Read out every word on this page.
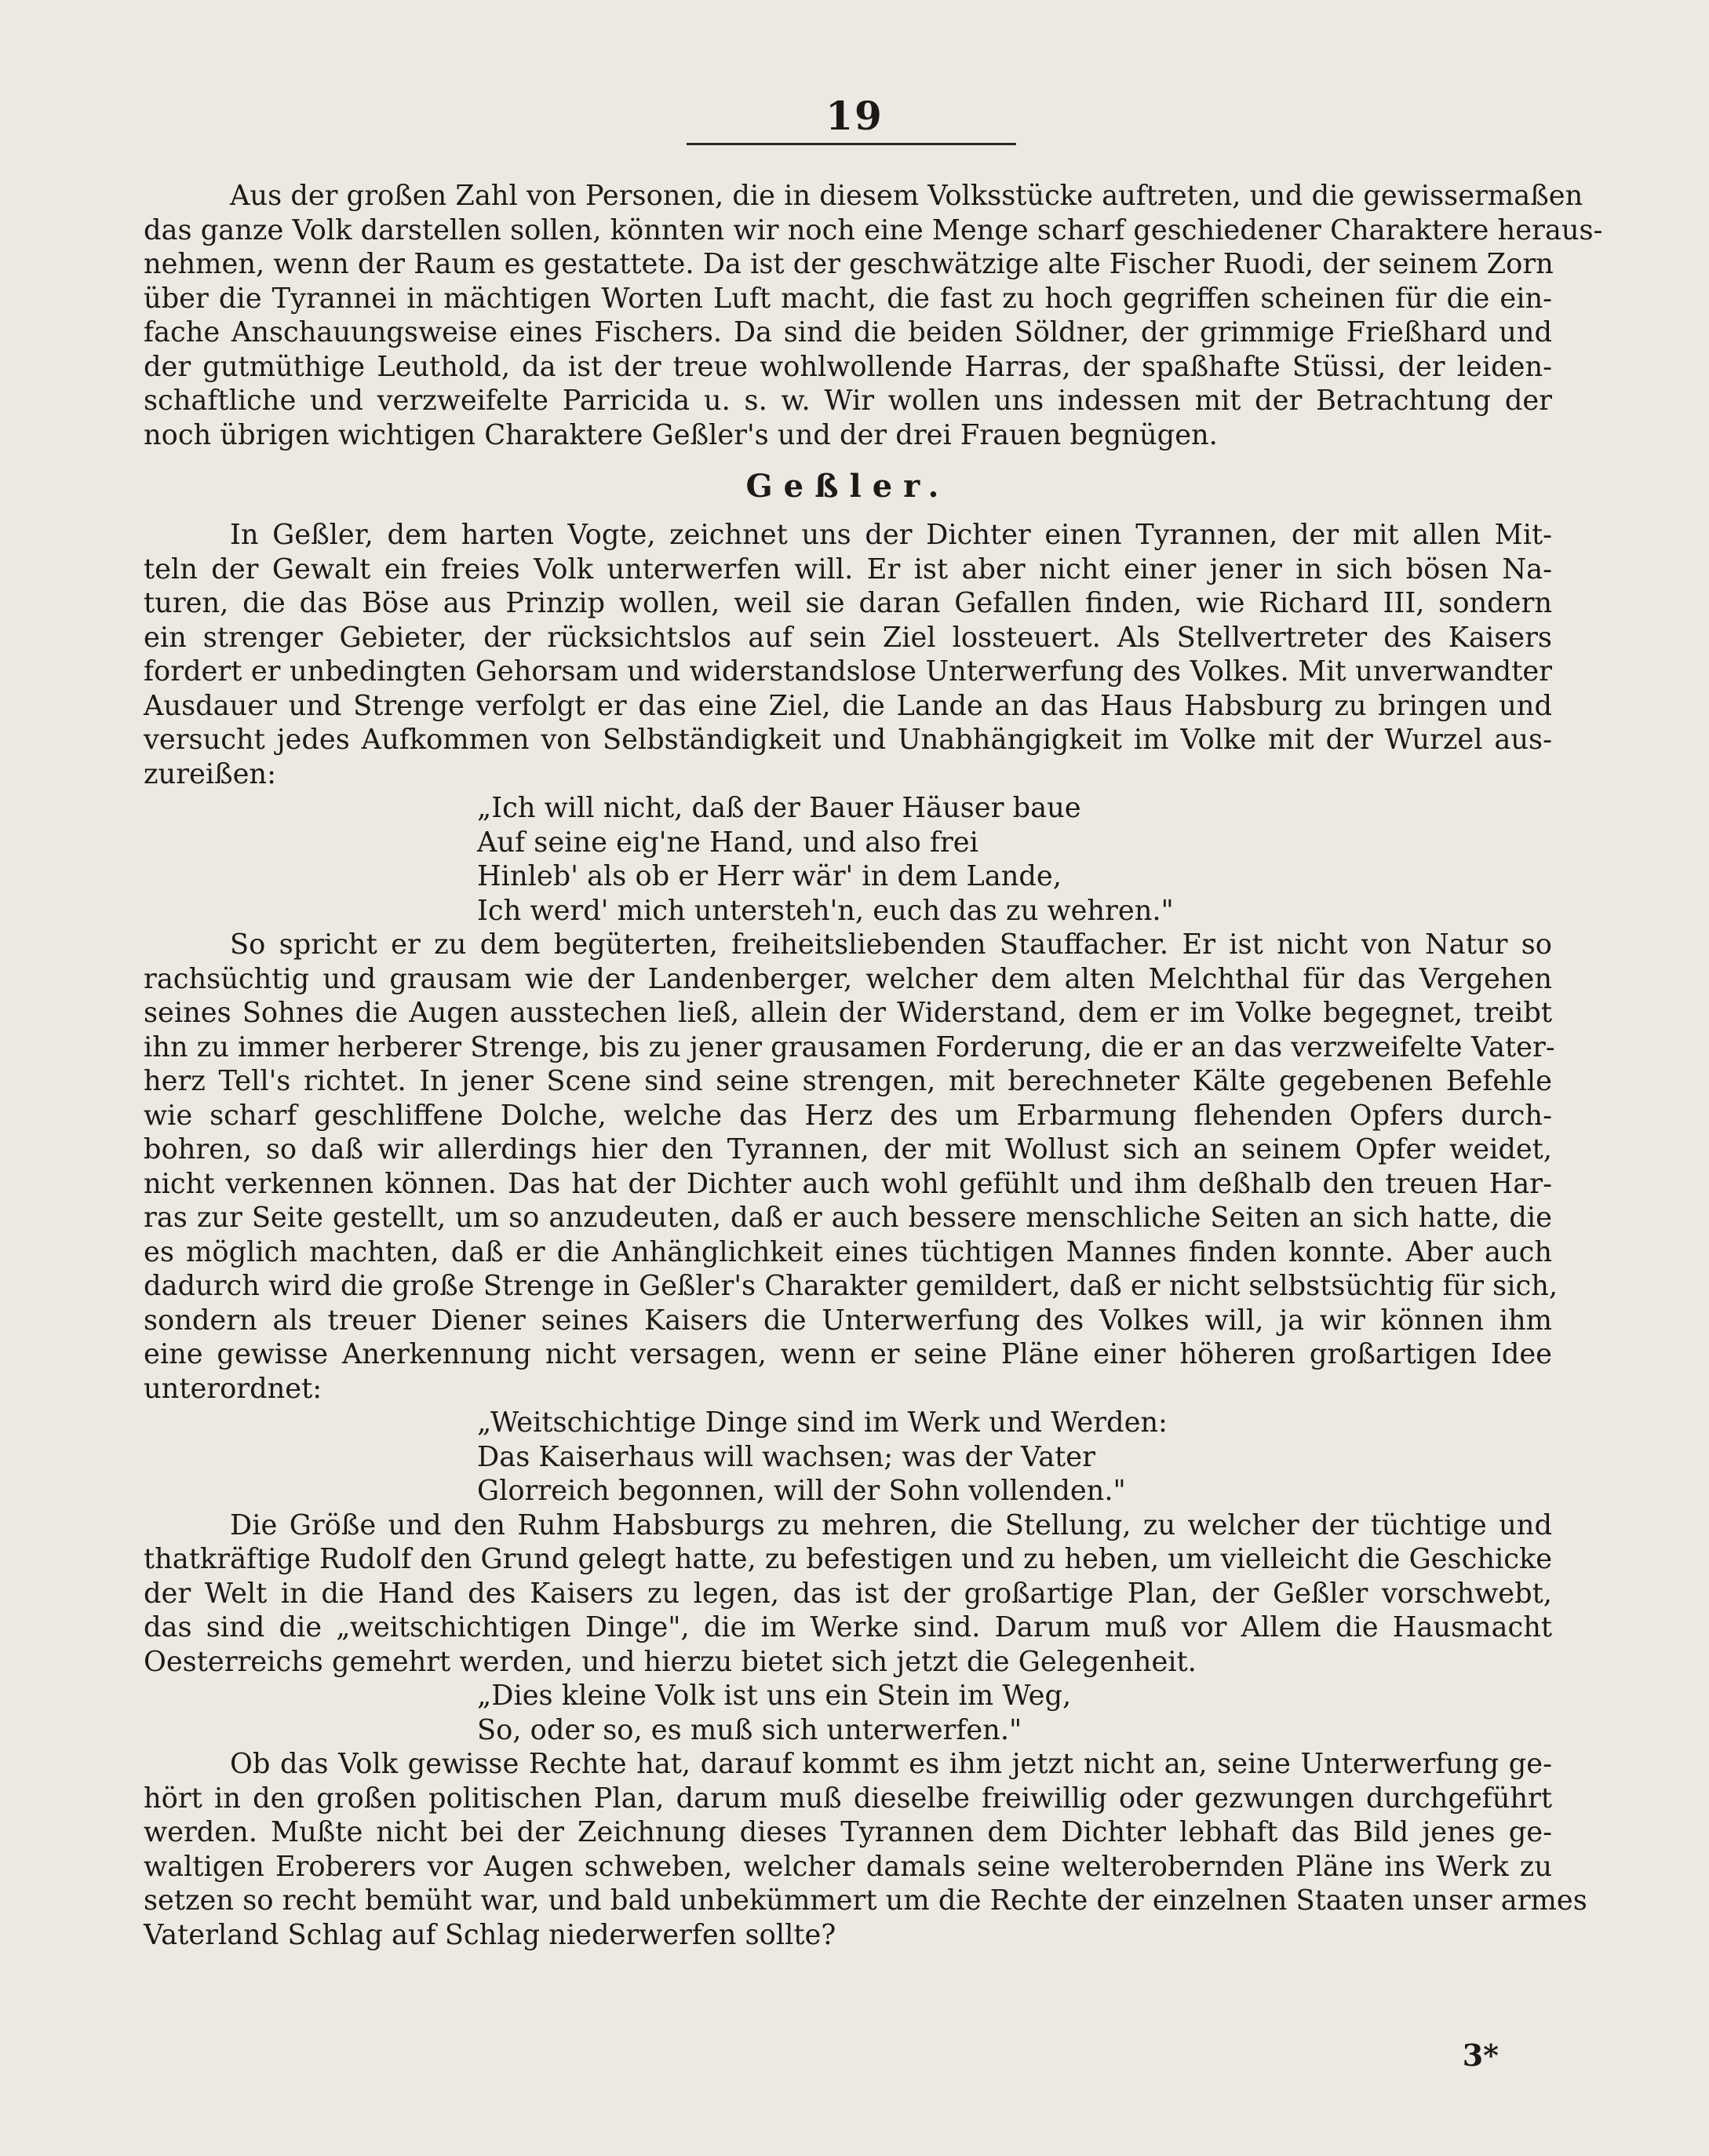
19

Aus der großen Zahl von Personen, die in diesem Volksstücke auftreten, und die gewissermaßen
das ganze Volk darstellen sollen, könnten wir noch eine Menge scharf geschiedener Charaktere heraus-
nehmen, wenn der Raum es gestattete. Da ist der geschwätzige alte Fischer Ruodi, der seinem Zorn
über die Tyrannei in mächtigen Worten Luft macht, die fast zu hoch gegriffen scheinen für die ein-
fache Anschauungsweise eines Fischers. Da sind die beiden Söldner, der grimmige Frießhard und
der gutmüthige Leuthold, da ist der treue wohlwollende Harras, der spaßhafte Stüssi, der leiden-
schaftliche und verzweifelte Parricida u. s. w. Wir wollen uns indessen mit der Betrachtung der
noch übrigen wichtigen Charaktere Geßler's und der drei Frauen begnügen.

Geßler.

In Geßler, dem harten Vogte, zeichnet uns der Dichter einen Tyrannen, der mit allen Mit-
teln der Gewalt ein freies Volk unterwerfen will. Er ist aber nicht einer jener in sich bösen Na-
turen, die das Böse aus Prinzip wollen, weil sie daran Gefallen finden, wie Richard III, sondern
ein strenger Gebieter, der rücksichtslos auf sein Ziel lossteuert. Als Stellvertreter des Kaisers
fordert er unbedingten Gehorsam und widerstandslose Unterwerfung des Volkes. Mit unverwandter
Ausdauer und Strenge verfolgt er das eine Ziel, die Lande an das Haus Habsburg zu bringen und
versucht jedes Aufkommen von Selbständigkeit und Unabhängigkeit im Volke mit der Wurzel aus-
zureißen:

„Ich will nicht, daß der Bauer Häuser baue
Auf seine eig'ne Hand, und also frei
Hinleb' als ob er Herr wär' in dem Lande,
Ich werd' mich untersteh'n, euch das zu wehren."

So spricht er zu dem begüterten, freiheitsliebenden Stauffacher. Er ist nicht von Natur so
rachsüchtig und grausam wie der Landenberger, welcher dem alten Melchthal für das Vergehen
seines Sohnes die Augen ausstechen ließ, allein der Widerstand, dem er im Volke begegnet, treibt
ihn zu immer herberer Strenge, bis zu jener grausamen Forderung, die er an das verzweifelte Vater-
herz Tell's richtet. In jener Scene sind seine strengen, mit berechneter Kälte gegebenen Befehle
wie scharf geschliffene Dolche, welche das Herz des um Erbarmung flehenden Opfers durch-
bohren, so daß wir allerdings hier den Tyrannen, der mit Wollust sich an seinem Opfer weidet,
nicht verkennen können. Das hat der Dichter auch wohl gefühlt und ihm deßhalb den treuen Har-
ras zur Seite gestellt, um so anzudeuten, daß er auch bessere menschliche Seiten an sich hatte, die
es möglich machten, daß er die Anhänglichkeit eines tüchtigen Mannes finden konnte. Aber auch
dadurch wird die große Strenge in Geßler's Charakter gemildert, daß er nicht selbstsüchtig für sich,
sondern als treuer Diener seines Kaisers die Unterwerfung des Volkes will, ja wir können ihm
eine gewisse Anerkennung nicht versagen, wenn er seine Pläne einer höheren großartigen Idee
unterordnet:

„Weitschichtige Dinge sind im Werk und Werden:
Das Kaiserhaus will wachsen; was der Vater
Glorreich begonnen, will der Sohn vollenden."

Die Größe und den Ruhm Habsburgs zu mehren, die Stellung, zu welcher der tüchtige und
thatkräftige Rudolf den Grund gelegt hatte, zu befestigen und zu heben, um vielleicht die Geschicke
der Welt in die Hand des Kaisers zu legen, das ist der großartige Plan, der Geßler vorschwebt,
das sind die „weitschichtigen Dinge", die im Werke sind. Darum muß vor Allem die Hausmacht
Oesterreichs gemehrt werden, und hierzu bietet sich jetzt die Gelegenheit.

„Dies kleine Volk ist uns ein Stein im Weg,
So, oder so, es muß sich unterwerfen."

Ob das Volk gewisse Rechte hat, darauf kommt es ihm jetzt nicht an, seine Unterwerfung ge-
hört in den großen politischen Plan, darum muß dieselbe freiwillig oder gezwungen durchgeführt
werden. Mußte nicht bei der Zeichnung dieses Tyrannen dem Dichter lebhaft das Bild jenes ge-
waltigen Eroberers vor Augen schweben, welcher damals seine welterobernden Pläne ins Werk zu
setzen so recht bemüht war, und bald unbekümmert um die Rechte der einzelnen Staaten unser armes
Vaterland Schlag auf Schlag niederwerfen sollte?

3*
